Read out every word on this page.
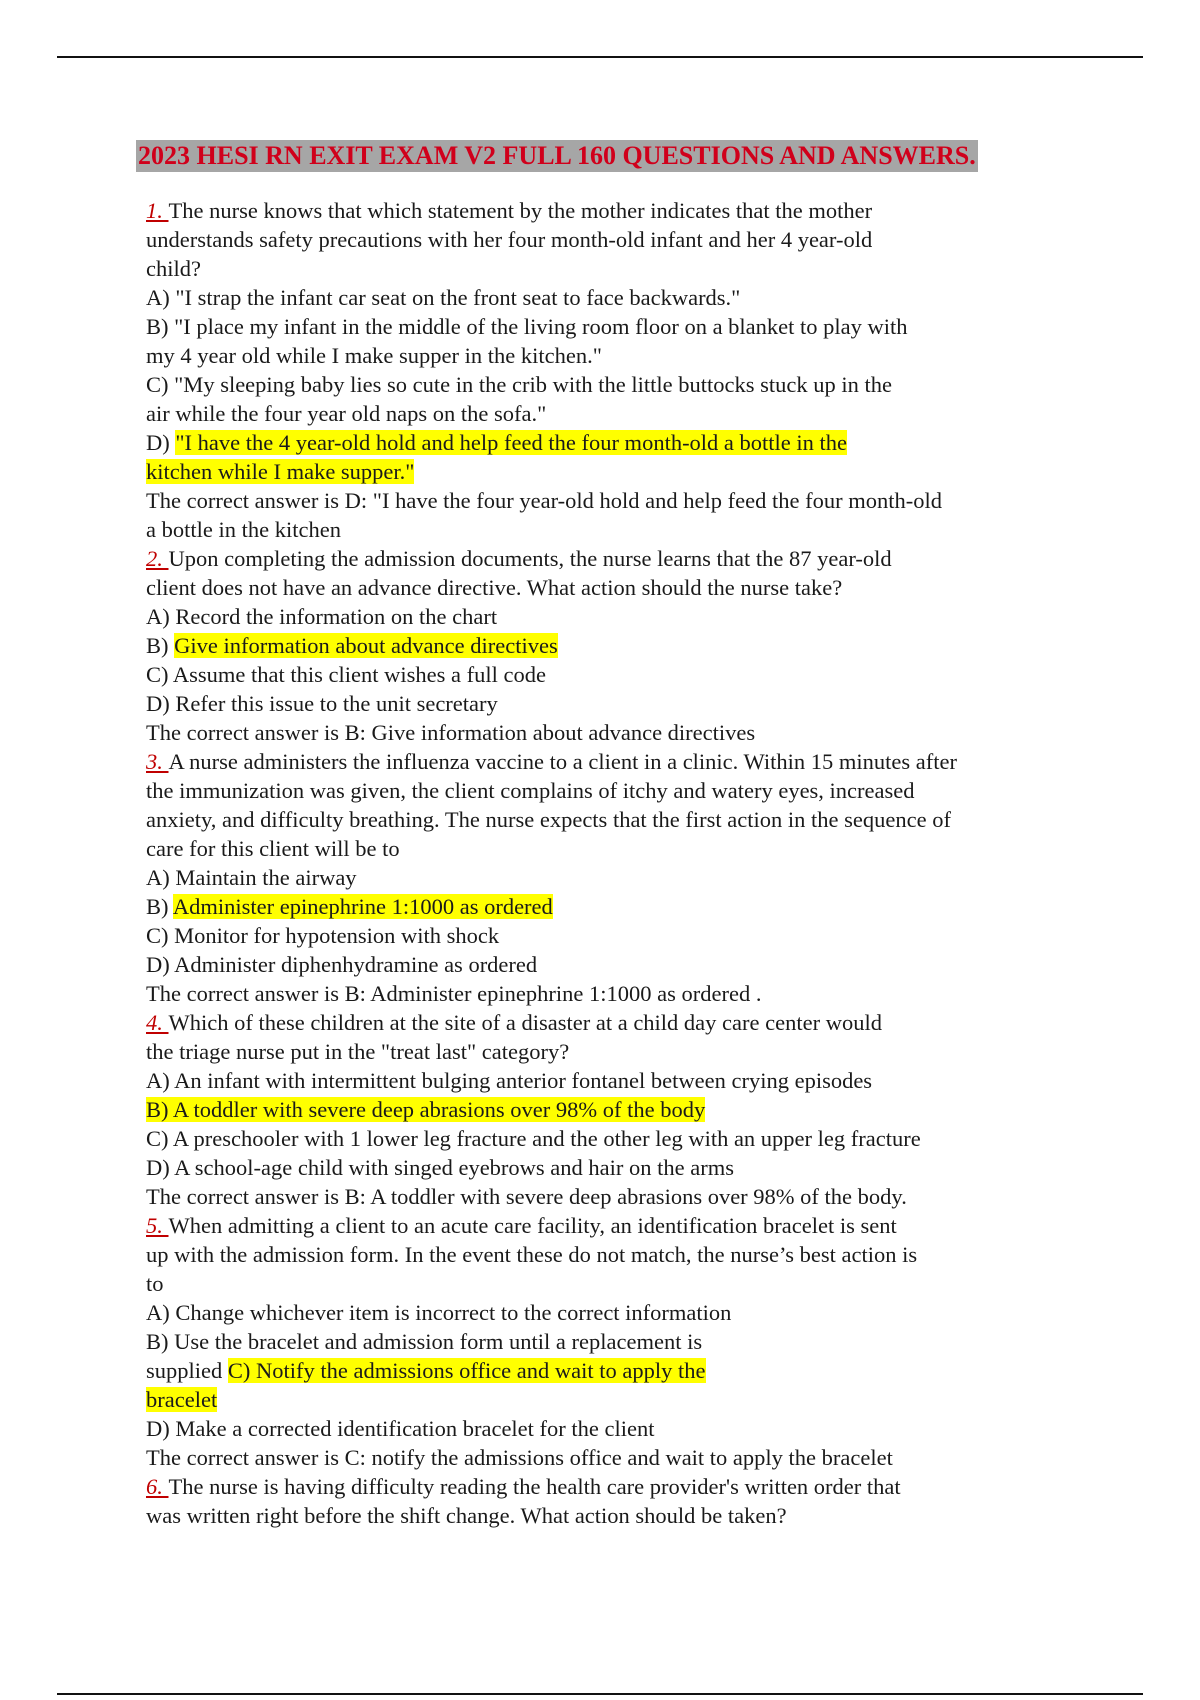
2023 HESI RN EXIT EXAM V2 FULL 160 QUESTIONS AND ANSWERS.

1. The nurse knows that which statement by the mother indicates that the mother

understands safety precautions with her four month-old infant and her 4 year-old

child?

A) "I strap the infant car seat on the front seat to face backwards."

B) "I place my infant in the middle of the living room floor on a blanket to play with

my 4 year old while I make supper in the kitchen."

C) "My sleeping baby lies so cute in the crib with the little buttocks stuck up in the

air while the four year old naps on the sofa."

D) "I have the 4 year-old hold and help feed the four month-old a bottle in the

kitchen while I make supper."

The correct answer is D: "I have the four year-old hold and help feed the four month-old

a bottle in the kitchen

2. Upon completing the admission documents, the nurse learns that the 87 year-old

client does not have an advance directive. What action should the nurse take?

A) Record the information on the chart

B) Give information about advance directives

C) Assume that this client wishes a full code

D) Refer this issue to the unit secretary

The correct answer is B: Give information about advance directives

3. A nurse administers the influenza vaccine to a client in a clinic. Within 15 minutes after

the immunization was given, the client complains of itchy and watery eyes, increased

anxiety, and difficulty breathing. The nurse expects that the first action in the sequence of

care for this client will be to

A) Maintain the airway

B) Administer epinephrine 1:1000 as ordered

C) Monitor for hypotension with shock

D) Administer diphenhydramine as ordered

The correct answer is B: Administer epinephrine 1:1000 as ordered .

4. Which of these children at the site of a disaster at a child day care center would

the triage nurse put in the "treat last" category?

A) An infant with intermittent bulging anterior fontanel between crying episodes

B) A toddler with severe deep abrasions over 98% of the body

C) A preschooler with 1 lower leg fracture and the other leg with an upper leg fracture

D) A school-age child with singed eyebrows and hair on the arms

The correct answer is B: A toddler with severe deep abrasions over 98% of the body.

5. When admitting a client to an acute care facility, an identification bracelet is sent

up with the admission form. In the event these do not match, the nurse’s best action is

to

A) Change whichever item is incorrect to the correct information

B) Use the bracelet and admission form until a replacement is

supplied C) Notify the admissions office and wait to apply the

bracelet

D) Make a corrected identification bracelet for the client

The correct answer is C: notify the admissions office and wait to apply the bracelet

6. The nurse is having difficulty reading the health care provider's written order that

was written right before the shift change. What action should be taken?
